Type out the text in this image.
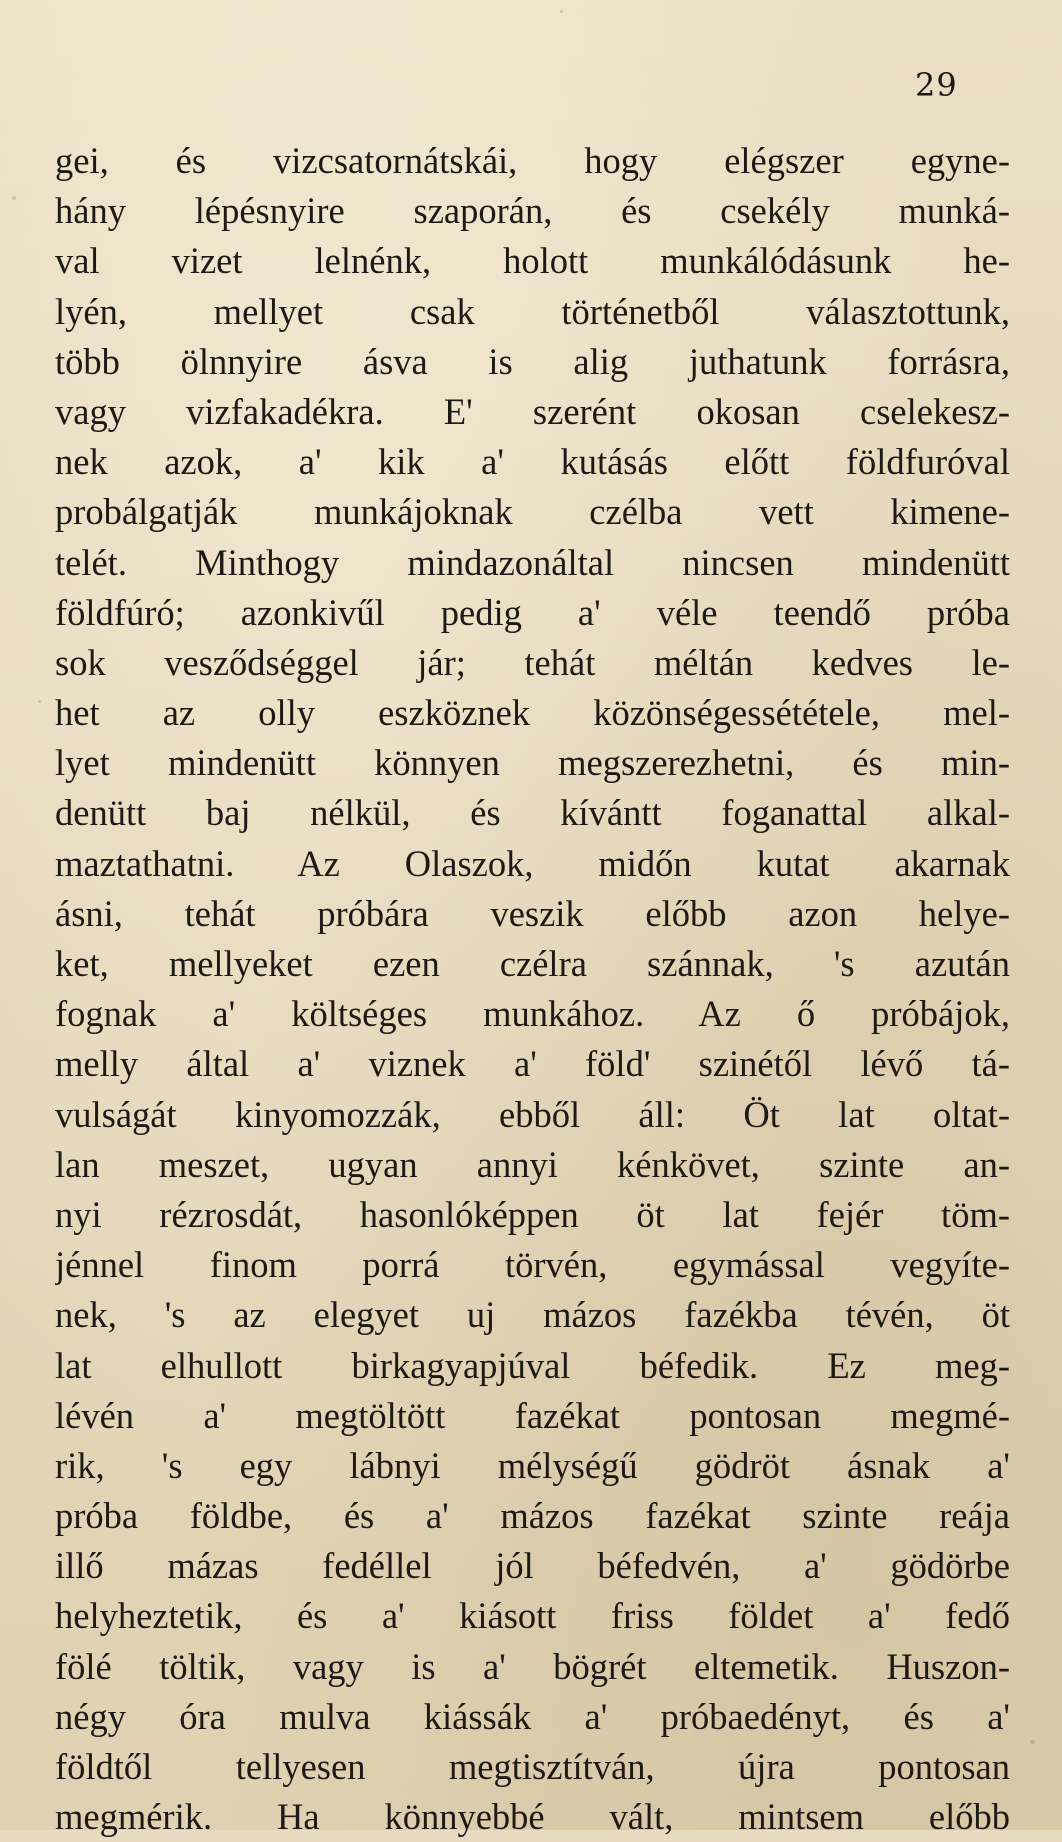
29
gei, és vizcsatornátskái, hogy elégszer egyne-
hány lépésnyire szaporán, és csekély munká-
val vizet lelnénk, holott munkálódásunk he-
lyén, mellyet csak történetből választottunk,
több ölnnyire ásva is alig juthatunk forrásra,
vagy vizfakadékra. E' szerént okosan cselekesz-
nek azok, a' kik a' kutásás előtt földfuróval
probálgatják munkájoknak czélba vett kimene-
telét. Minthogy mindazonáltal nincsen mindenütt
földfúró; azonkivűl pedig a' véle teendő próba
sok vesződséggel jár; tehát méltán kedves le-
het az olly eszköznek közönségessététele, mel-
lyet mindenütt könnyen megszerezhetni, és min-
denütt baj nélkül, és kívántt foganattal alkal-
maztathatni. Az Olaszok, midőn kutat akarnak
ásni, tehát próbára veszik előbb azon helye-
ket, mellyeket ezen czélra szánnak, 's azután
fognak a' költséges munkához. Az ő próbájok,
melly által a' viznek a' föld' szinétől lévő tá-
vulságát kinyomozzák, ebből áll: Öt lat oltat-
lan meszet, ugyan annyi kénkövet, szinte an-
nyi rézrosdát, hasonlóképpen öt lat fejér töm-
jénnel finom porrá törvén, egymással vegyíte-
nek, 's az elegyet uj mázos fazékba tévén, öt
lat elhullott birkagyapjúval béfedik. Ez meg-
lévén a' megtöltött fazékat pontosan megmé-
rik, 's egy lábnyi mélységű gödröt ásnak a'
próba földbe, és a' mázos fazékat szinte reája
illő mázas fedéllel jól béfedvén, a' gödörbe
helyheztetik, és a' kiásott friss földet a' fedő
fölé töltik, vagy is a' bögrét eltemetik. Huszon-
négy óra mulva kiássák a' próbaedényt, és a'
földtől tellyesen megtisztítván, újra pontosan
megmérik. Ha könnyebbé vált, mintsem előbb
